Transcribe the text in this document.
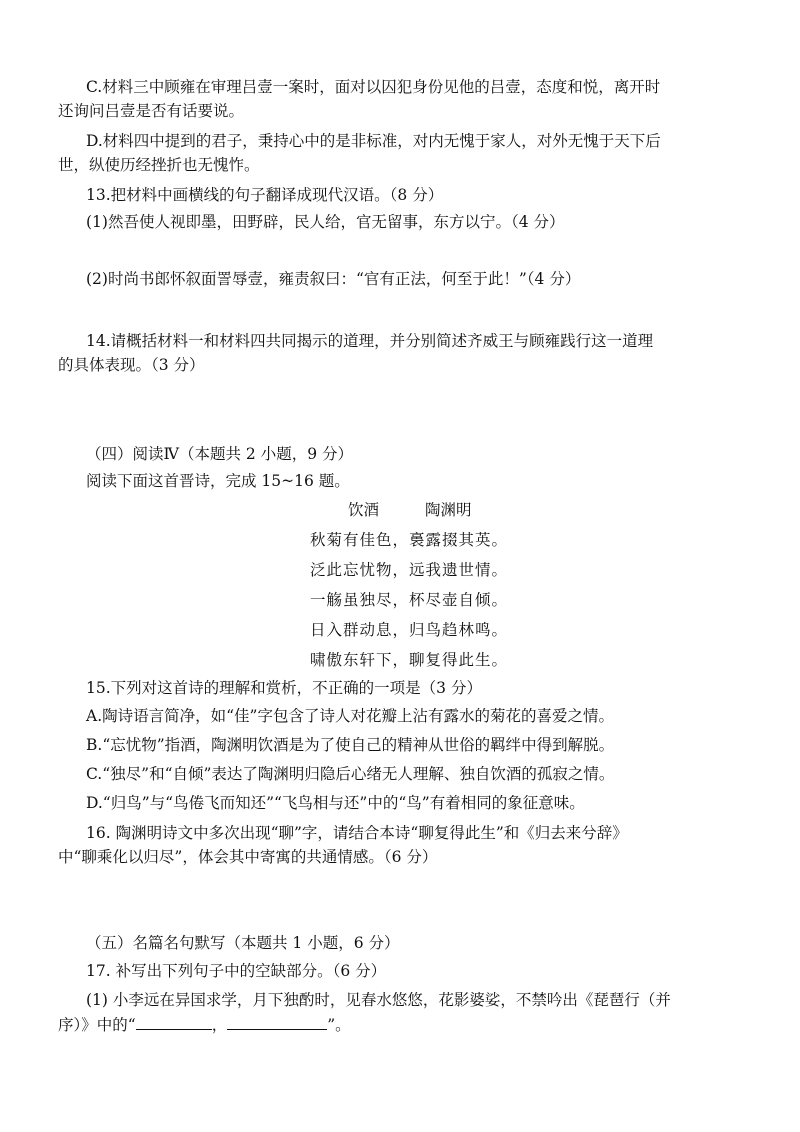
C.材料三中顾雍在审理吕壹一案时，面对以囚犯身份见他的吕壹，态度和悦，离开时
还询问吕壹是否有话要说。
D.材料四中提到的君子，秉持心中的是非标准，对内无愧于家人，对外无愧于天下后
世，纵使历经挫折也无愧怍。
13.把材料中画横线的句子翻译成现代汉语。（8 分）
(1)然吾使人视即墨，田野辟，民人给，官无留事，东方以宁。（4 分）
(2)时尚书郎怀叙面詈辱壹，雍责叙曰：“官有正法，何至于此！”（4 分）
14.请概括材料一和材料四共同揭示的道理，并分别简述齐威王与顾雍践行这一道理
的具体表现。（3 分）
（四）阅读Ⅳ（本题共 2 小题，9 分）
阅读下面这首晋诗，完成 15~16 题。
饮酒	陶渊明
秋菊有佳色，裛露掇其英。
泛此忘忧物，远我遗世情。
一觞虽独尽，杯尽壶自倾。
日入群动息，归鸟趋林鸣。
啸傲东轩下，聊复得此生。
15.下列对这首诗的理解和赏析，不正确的一项是（3 分）
A.陶诗语言简净，如“佳”字包含了诗人对花瓣上沾有露水的菊花的喜爱之情。
B.“忘忧物”指酒，陶渊明饮酒是为了使自己的精神从世俗的羁绊中得到解脱。
C.“独尽”和“自倾”表达了陶渊明归隐后心绪无人理解、独自饮酒的孤寂之情。
D.“归鸟”与“鸟倦飞而知还”“飞鸟相与还”中的“鸟”有着相同的象征意味。
16. 陶渊明诗文中多次出现“聊”字，请结合本诗“聊复得此生”和《归去来兮辞》
中“聊乘化以归尽”，体会其中寄寓的共通情感。（6 分）
（五）名篇名句默写（本题共 1 小题，6 分）
17. 补写出下列句子中的空缺部分。（6 分）
(1) 小李远在异国求学，月下独酌时，见春水悠悠，花影婆娑，不禁吟出《琵琶行（并
序）》中的“	，	”。
